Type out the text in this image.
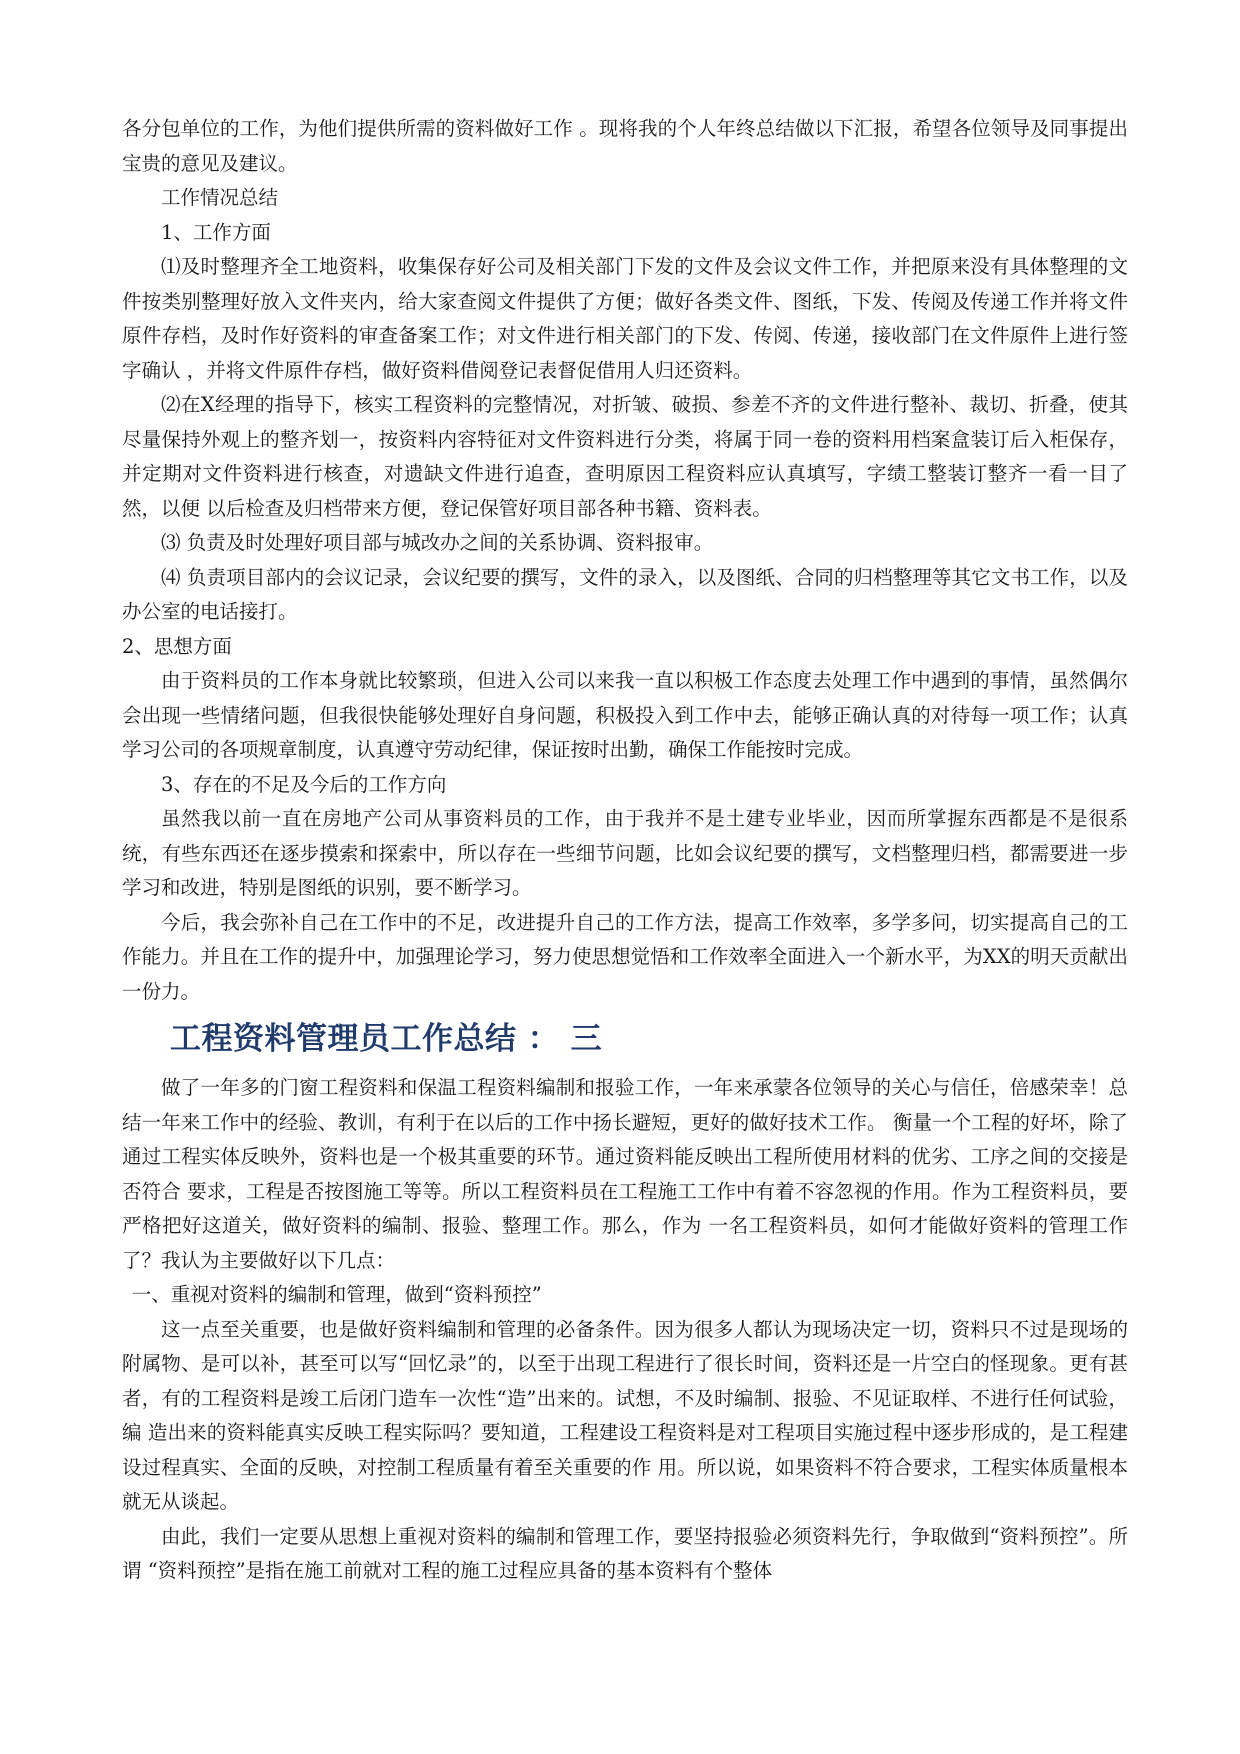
各分包单位的工作，为他们提供所需的资料做好工作 。现将我的个人年终总结做以下汇报，希望各位领导及同事提出宝贵的意见及建议。

工作情况总结

1、工作方面

⑴及时整理齐全工地资料，收集保存好公司及相关部门下发的文件及会议文件工作，并把原来没有具体整理的文件按类别整理好放入文件夹内，给大家查阅文件提供了方便；做好各类文件、图纸，下发、传阅及传递工作并将文件原件存档，及时作好资料的审查备案工作；对文件进行相关部门的下发、传阅、传递，接收部门在文件原件上进行签字确认 ，并将文件原件存档，做好资料借阅登记表督促借用人归还资料。

⑵在X经理的指导下，核实工程资料的完整情况，对折皱、破损、参差不齐的文件进行整补、裁切、折叠，使其尽量保持外观上的整齐划一，按资料内容特征对文件资料进行分类，将属于同一卷的资料用档案盒装订后入柜保存，并定期对文件资料进行核查，对遗缺文件进行追查，查明原因工程资料应认真填写，字绩工整装订整齐一看一目了然，以便 以后检查及归档带来方便，登记保管好项目部各种书籍、资料表。

⑶ 负责及时处理好项目部与城改办之间的关系协调、资料报审。

⑷ 负责项目部内的会议记录，会议纪要的撰写，文件的录入，以及图纸、合同的归档整理等其它文书工作，以及办公室的电话接打。

2、思想方面

由于资料员的工作本身就比较繁琐，但进入公司以来我一直以积极工作态度去处理工作中遇到的事情，虽然偶尔会出现一些情绪问题，但我很快能够处理好自身问题，积极投入到工作中去，能够正确认真的对待每一项工作；认真学习公司的各项规章制度，认真遵守劳动纪律，保证按时出勤，确保工作能按时完成。

3、存在的不足及今后的工作方向

虽然我以前一直在房地产公司从事资料员的工作，由于我并不是土建专业毕业，因而所掌握东西都是不是很系统，有些东西还在逐步摸索和探索中，所以存在一些细节问题，比如会议纪要的撰写，文档整理归档，都需要进一步学习和改进，特别是图纸的识别，要不断学习。

今后，我会弥补自己在工作中的不足，改进提升自己的工作方法，提高工作效率，多学多问，切实提高自己的工作能力。并且在工作的提升中，加强理论学习，努力使思想觉悟和工作效率全面进入一个新水平，为XX的明天贡献出一份力。

工程资料管理员工作总结 ： 三

做了一年多的门窗工程资料和保温工程资料编制和报验工作，一年来承蒙各位领导的关心与信任，倍感荣幸！总结一年来工作中的经验、教训，有利于在以后的工作中扬长避短，更好的做好技术工作。 衡量一个工程的好坏，除了通过工程实体反映外，资料也是一个极其重要的环节。通过资料能反映出工程所使用材料的优劣、工序之间的交接是否符合 要求，工程是否按图施工等等。所以工程资料员在工程施工工作中有着不容忽视的作用。作为工程资料员，要严格把好这道关，做好资料的编制、报验、整理工作。那么，作为 一名工程资料员，如何才能做好资料的管理工作了？我认为主要做好以下几点：

一、重视对资料的编制和管理，做到“资料预控”

这一点至关重要，也是做好资料编制和管理的必备条件。因为很多人都认为现场决定一切，资料只不过是现场的附属物、是可以补，甚至可以写“回忆录”的，以至于出现工程进行了很长时间，资料还是一片空白的怪现象。更有甚者，有的工程资料是竣工后闭门造车一次性“造”出来的。试想，不及时编制、报验、不见证取样、不进行任何试验，编 造出来的资料能真实反映工程实际吗？要知道，工程建设工程资料是对工程项目实施过程中逐步形成的，是工程建设过程真实、全面的反映，对控制工程质量有着至关重要的作 用。所以说，如果资料不符合要求，工程实体质量根本就无从谈起。

由此，我们一定要从思想上重视对资料的编制和管理工作，要坚持报验必须资料先行，争取做到“资料预控”。所谓 “资料预控”是指在施工前就对工程的施工过程应具备的基本资料有个整体
